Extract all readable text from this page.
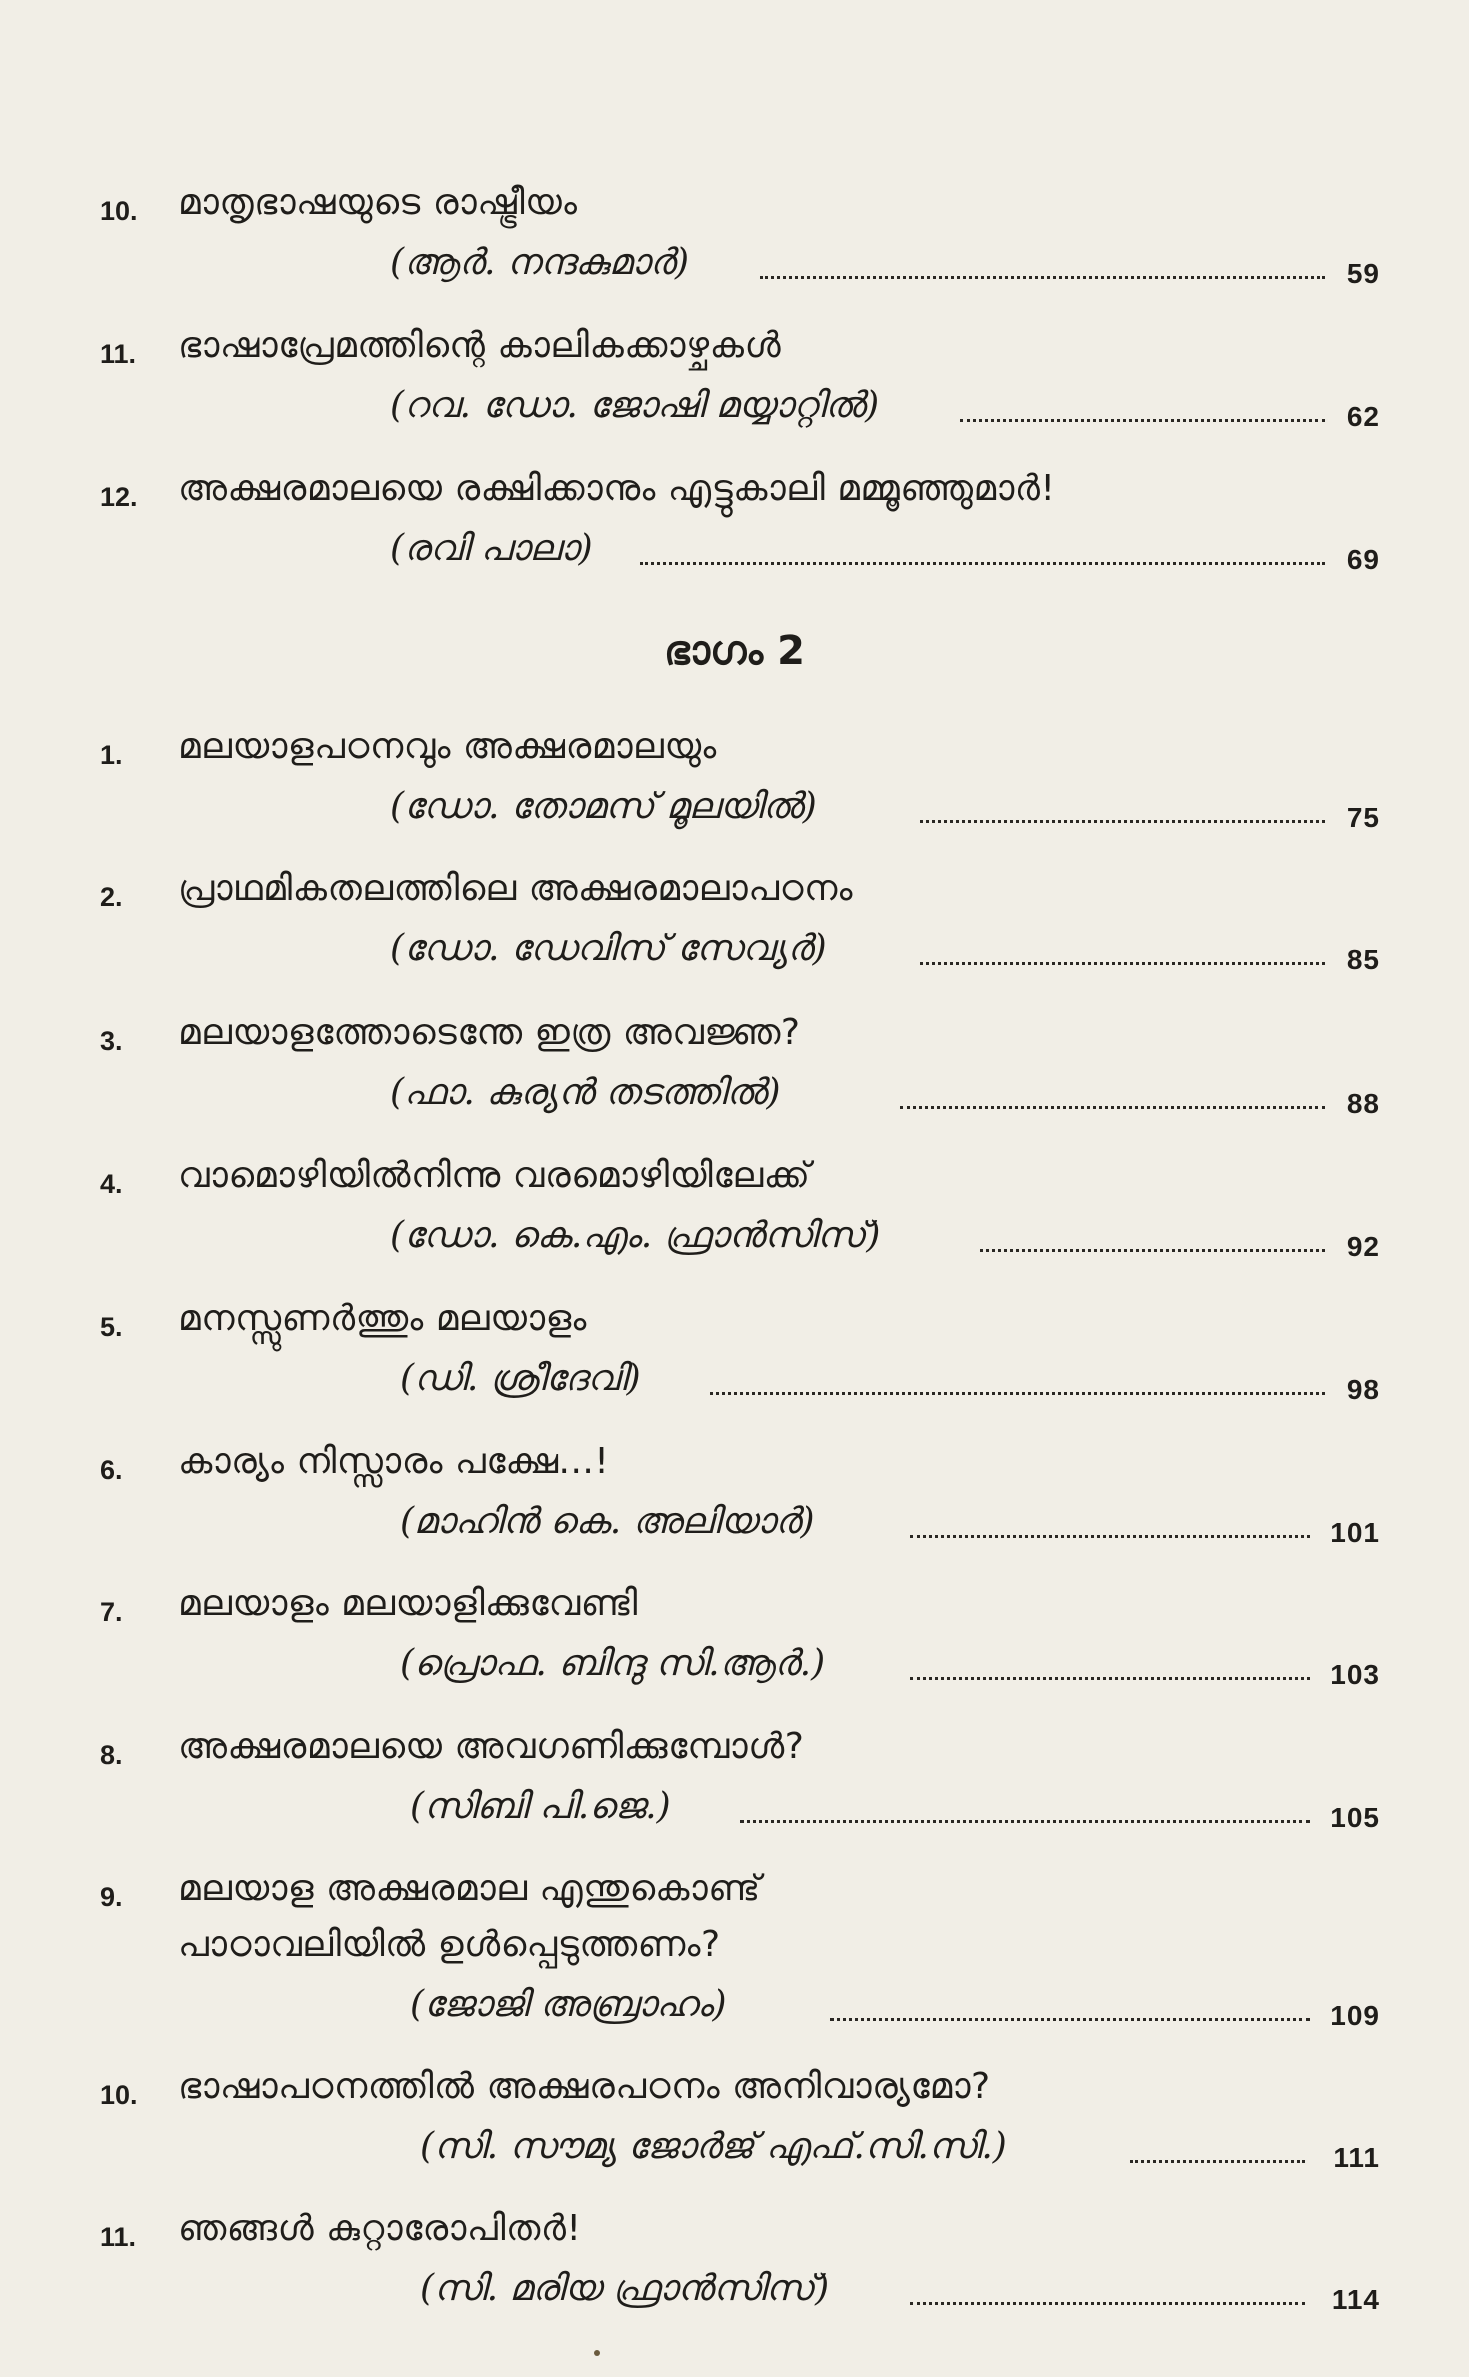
10. മാതൃഭാഷയുടെ രാഷ്ട്രീയം
(ആർ. നന്ദകുമാർ)	59
11. ഭാഷാപ്രേമത്തിന്റെ കാലികക്കാഴ്ചകൾ
(റവ. ഡോ. ജോഷി മയ്യാറ്റിൽ)	62
12. അക്ഷരമാലയെ രക്ഷിക്കാനും എട്ടുകാലി മമ്മൂഞ്ഞുമാർ!
(രവി പാലാ)	69
ഭാഗം 2
1. മലയാളപഠനവും അക്ഷരമാലയും
(ഡോ. തോമസ് മൂലയിൽ)	75
2. പ്രാഥമികതലത്തിലെ അക്ഷരമാലാപഠനം
(ഡോ. ഡേവിസ് സേവ്യർ)	85
3. മലയാളത്തോടെന്തേ ഇത്ര അവജ്ഞ?
(ഫാ. കുര്യൻ തടത്തിൽ)	88
4. വാമൊഴിയിൽനിന്നു വരമൊഴിയിലേക്ക്
(ഡോ. കെ.എം. ഫ്രാൻസിസ്)	92
5. മനസ്സുണർത്തും മലയാളം
(ഡി. ശ്രീദേവി)	98
6. കാര്യം നിസ്സാരം പക്ഷേ...!
(മാഹിൻ കെ. അലിയാർ)	101
7. മലയാളം മലയാളിക്കുവേണ്ടി
(പ്രൊഫ. ബിന്ദു സി.ആർ.)	103
8. അക്ഷരമാലയെ അവഗണിക്കുമ്പോൾ?
(സിബി പി.ജെ.)	105
9. മലയാള അക്ഷരമാല എന്തുകൊണ്ട്
പാഠാവലിയിൽ ഉൾപ്പെടുത്തണം?
(ജോജി അബ്രാഹം)	109
10. ഭാഷാപഠനത്തിൽ അക്ഷരപഠനം അനിവാര്യമോ?
(സി. സൗമ്യ ജോർജ് എഫ്.സി.സി.)	111
11. ഞങ്ങൾ കുറ്റാരോപിതർ!
(സി. മരിയ ഫ്രാൻസിസ്)	114
